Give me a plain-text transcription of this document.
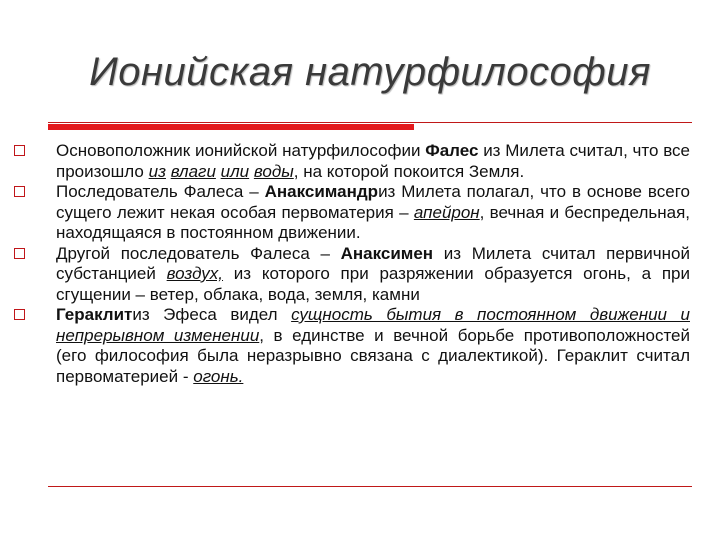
Ионийская натурфилософия
Основоположник ионийской натурфилософии Фалес из Милета считал, что все произошло из влаги или воды, на которой покоится Земля.
Последователь Фалеса – Анаксимандриз Милета полагал, что в основе всего сущего лежит некая особая первоматерия – апейрон, вечная и беспредельная, находящаяся в постоянном движении.
Другой последователь Фалеса – Анаксимен из Милета считал первичной субстанцией воздух, из которого при разряжении образуется огонь, а при сгущении – ветер, облака, вода, земля, камни
Гераклитиз Эфеса видел сущность бытия в постоянном движении и непрерывном изменении, в единстве и вечной борьбе противоположностей (его философия была неразрывно связана с диалектикой). Гераклит считал первоматерией - огонь.
